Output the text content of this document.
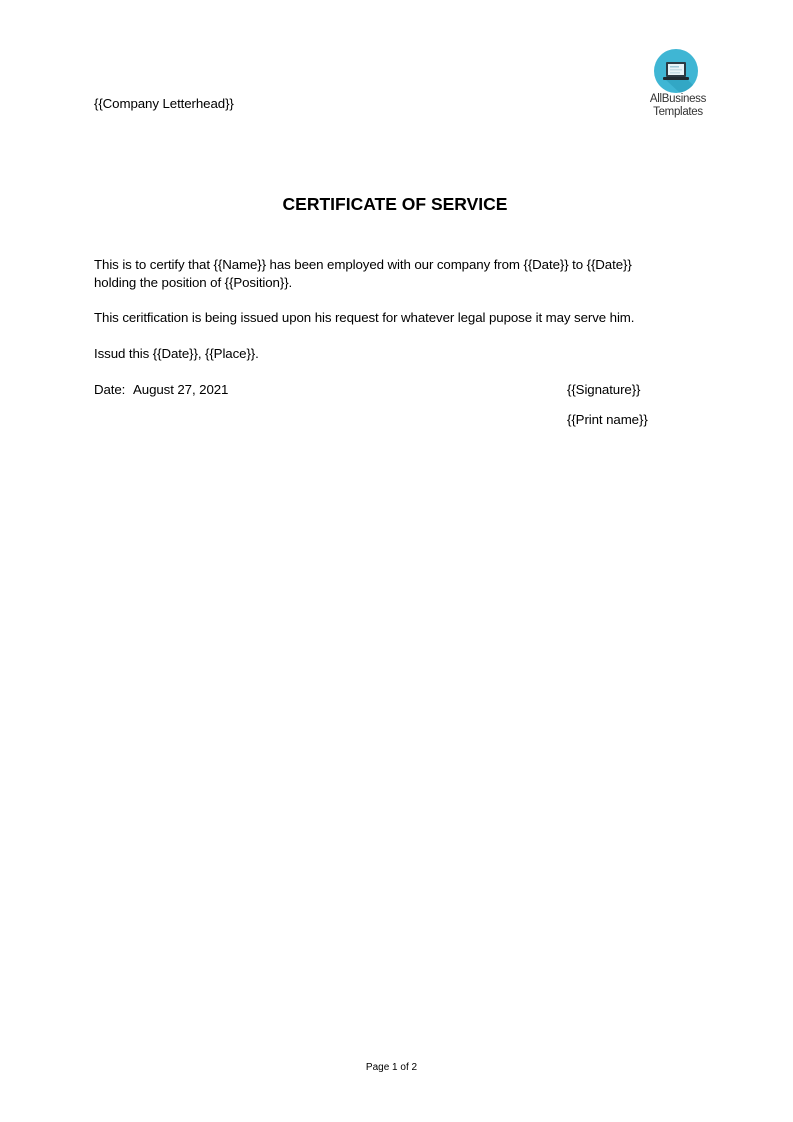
AllBusiness
Templates
{{Company Letterhead}}
CERTIFICATE OF SERVICE
This is to certify that {{Name}} has been employed with our company from {{Date}} to {{Date}}
holding the position of {{Position}}.
This ceritfication is being issued upon his request for whatever legal pupose it may serve him.
Issud this {{Date}}, {{Place}}.
Date: August 27, 2021	{{Signature}}
{{Print name}}
Page 1 of 2
